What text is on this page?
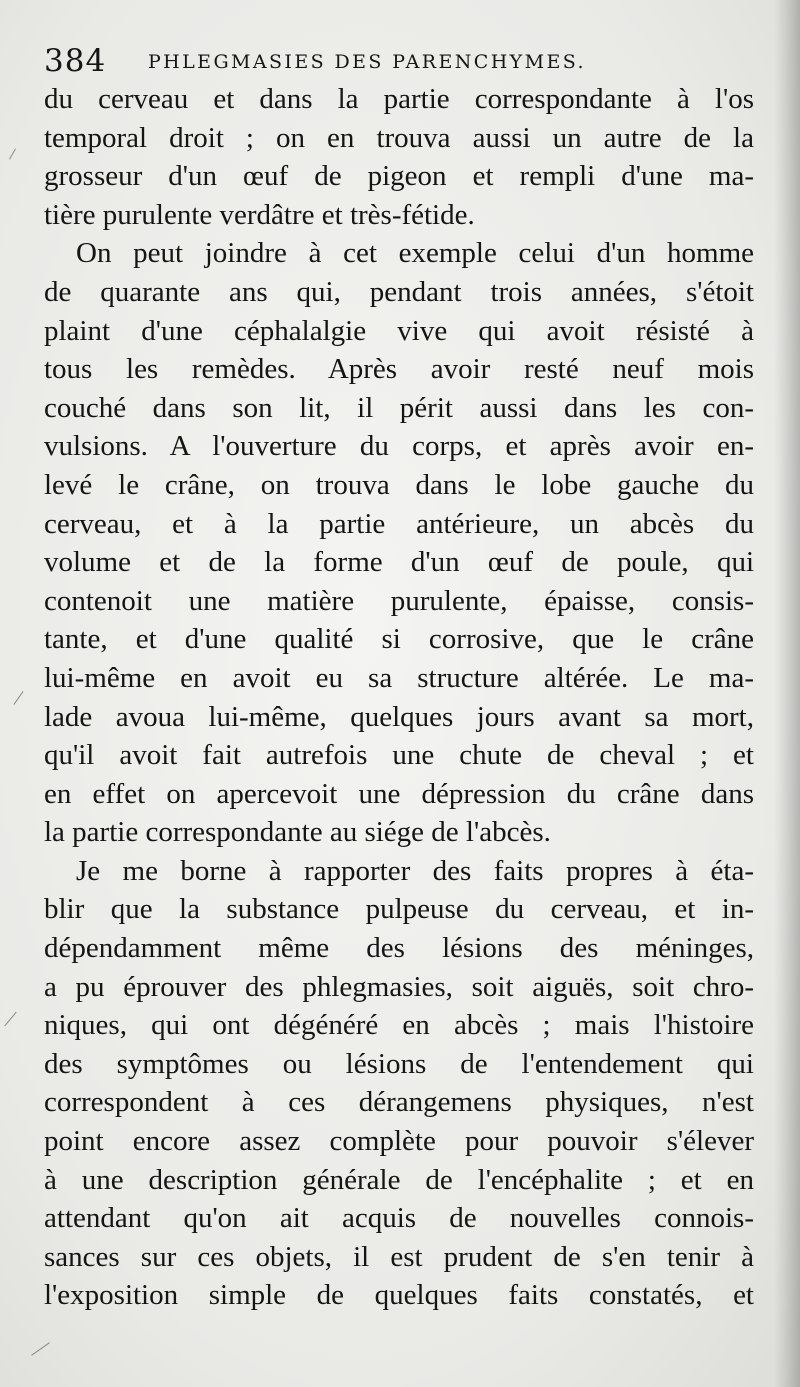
384 PHLEGMASIES DES PARENCHYMES.
du cerveau et dans la partie correspondante à l'os
temporal droit ; on en trouva aussi un autre de la
grosseur d'un œuf de pigeon et rempli d'une ma-
tière purulente verdâtre et très-fétide.
On peut joindre à cet exemple celui d'un homme
de quarante ans qui, pendant trois années, s'étoit
plaint d'une céphalalgie vive qui avoit résisté à
tous les remèdes. Après avoir resté neuf mois
couché dans son lit, il périt aussi dans les con-
vulsions. A l'ouverture du corps, et après avoir en-
levé le crâne, on trouva dans le lobe gauche du
cerveau, et à la partie antérieure, un abcès du
volume et de la forme d'un œuf de poule, qui
contenoit une matière purulente, épaisse, consis-
tante, et d'une qualité si corrosive, que le crâne
lui-même en avoit eu sa structure altérée. Le ma-
lade avoua lui-même, quelques jours avant sa mort,
qu'il avoit fait autrefois une chute de cheval ; et
en effet on apercevoit une dépression du crâne dans
la partie correspondante au siége de l'abcès.
Je me borne à rapporter des faits propres à éta-
blir que la substance pulpeuse du cerveau, et in-
dépendamment même des lésions des méninges,
a pu éprouver des phlegmasies, soit aiguës, soit chro-
niques, qui ont dégénéré en abcès ; mais l'histoire
des symptômes ou lésions de l'entendement qui
correspondent à ces dérangemens physiques, n'est
point encore assez complète pour pouvoir s'élever
à une description générale de l'encéphalite ; et en
attendant qu'on ait acquis de nouvelles connois-
sances sur ces objets, il est prudent de s'en tenir à
l'exposition simple de quelques faits constatés, et
